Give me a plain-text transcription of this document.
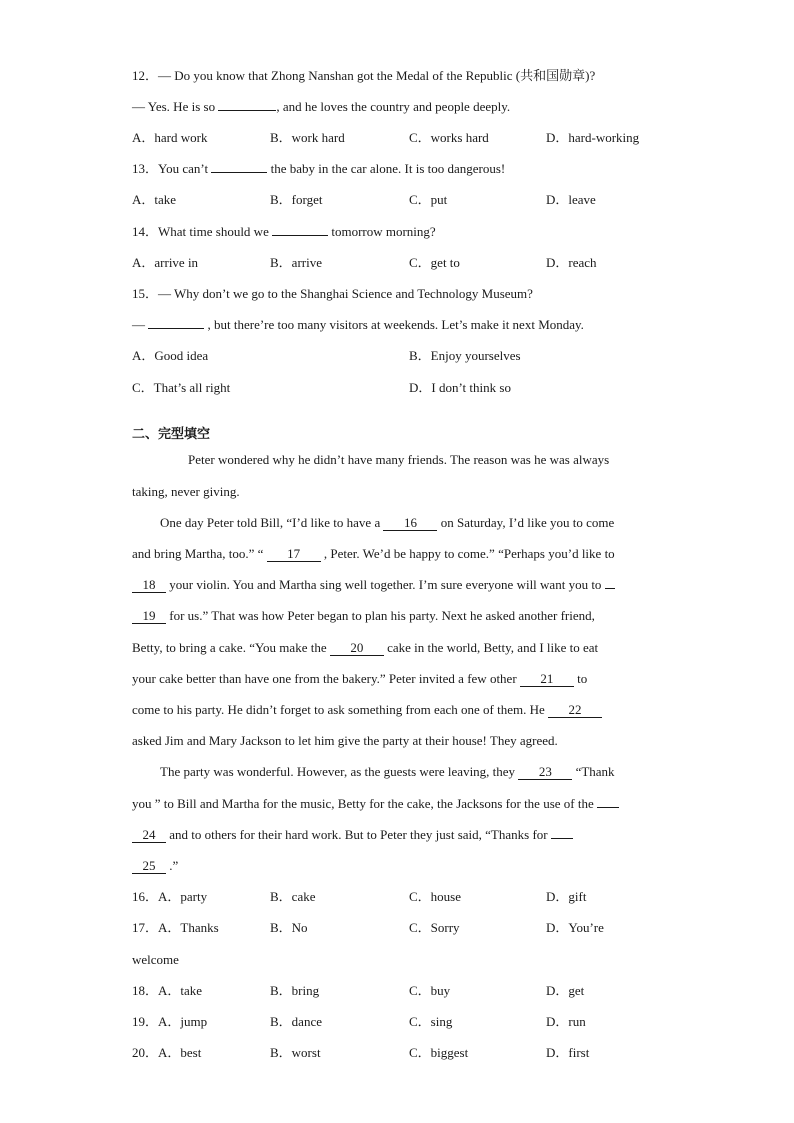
12．— Do you know that Zhong Nanshan got the Medal of the Republic (共和国勋章)?
— Yes. He is so	, and he loves the country and people deeply.
A．hard work	B．work hard	C．works hard	D．hard-working
13．You can’t	the baby in the car alone. It is too dangerous!
A．take	B．forget	C．put	D．leave
14．What time should we	tomorrow morning?
A．arrive in	B．arrive	C．get to	D．reach
15．— Why don’t we go to the Shanghai Science and Technology Museum?
—	, but there’re too many visitors at weekends. Let’s make it next Monday.
A．Good idea	B．Enjoy yourselves
C．That’s all right	D．I don’t think so
二、完型填空
Peter wondered why he didn’t have many friends. The reason was he was always
taking, never giving.
One day Peter told Bill, “I’d like to have a 16 on Saturday, I’d like you to come
and bring Martha, too.” “ 17 , Peter. We’d be happy to come.” “Perhaps you’d like to
18 your violin. You and Martha sing well together. I’m sure everyone will want you to
19 for us.” That was how Peter began to plan his party. Next he asked another friend,
Betty, to bring a cake. “You make the 20 cake in the world, Betty, and I like to eat
your cake better than have one from the bakery.” Peter invited a few other 21 to
come to his party. He didn’t forget to ask something from each one of them. He 22
asked Jim and Mary Jackson to let him give the party at their house! They agreed.
The party was wonderful. However, as the guests were leaving, they 23 “Thank
you ” to Bill and Martha for the music, Betty for the cake, the Jacksons for the use of the
24 and to others for their hard work. But to Peter they just said, “Thanks for
25 .”
16．A．party	B．cake	C．house	D．gift
17．A．Thanks	B．No	C．Sorry	D．You’re
welcome
18．A．take	B．bring	C．buy	D．get
19．A．jump	B．dance	C．sing	D．run
20．A．best	B．worst	C．biggest	D．first
